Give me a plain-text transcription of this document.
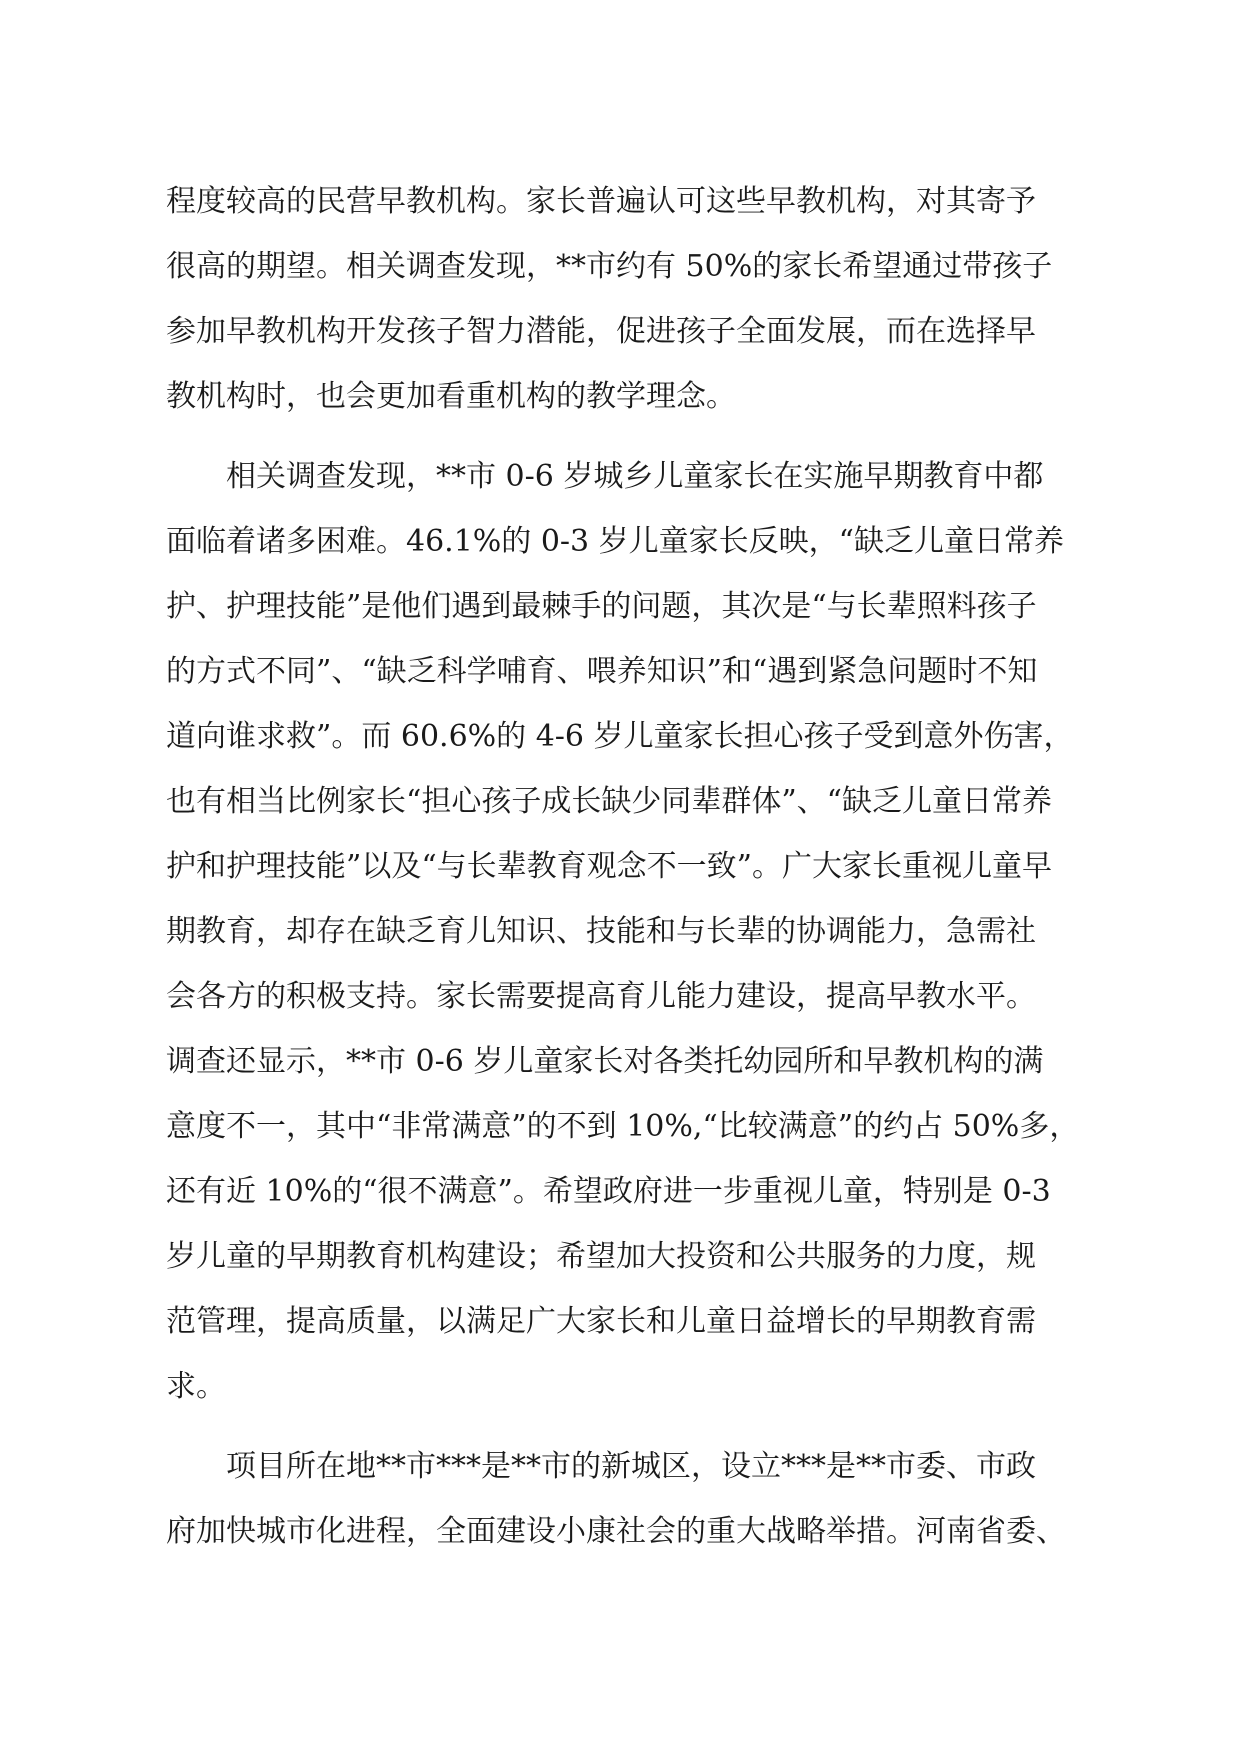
程度较高的民营早教机构。家长普遍认可这些早教机构，对其寄予
很高的期望。相关调查发现，**市约有 50%的家长希望通过带孩子
参加早教机构开发孩子智力潜能，促进孩子全面发展，而在选择早
教机构时，也会更加看重机构的教学理念。
　　相关调查发现，**市 0-6 岁城乡儿童家长在实施早期教育中都
面临着诸多困难。46.1%的 0-3 岁儿童家长反映，“缺乏儿童日常养
护、护理技能”是他们遇到最棘手的问题，其次是“与长辈照料孩子
的方式不同”、“缺乏科学哺育、喂养知识”和“遇到紧急问题时不知
道向谁求救”。而 60.6%的 4-6 岁儿童家长担心孩子受到意外伤害，
也有相当比例家长“担心孩子成长缺少同辈群体”、“缺乏儿童日常养
护和护理技能”以及“与长辈教育观念不一致”。广大家长重视儿童早
期教育，却存在缺乏育儿知识、技能和与长辈的协调能力，急需社
会各方的积极支持。家长需要提高育儿能力建设，提高早教水平。
调查还显示，**市 0-6 岁儿童家长对各类托幼园所和早教机构的满
意度不一，其中“非常满意”的不到 10%,“比较满意”的约占 50%多，
还有近 10%的“很不满意”。希望政府进一步重视儿童，特别是 0-3
岁儿童的早期教育机构建设；希望加大投资和公共服务的力度，规
范管理，提高质量，以满足广大家长和儿童日益增长的早期教育需
求。
　　项目所在地**市***是**市的新城区，设立***是**市委、市政
府加快城市化进程，全面建设小康社会的重大战略举措。河南省委、
